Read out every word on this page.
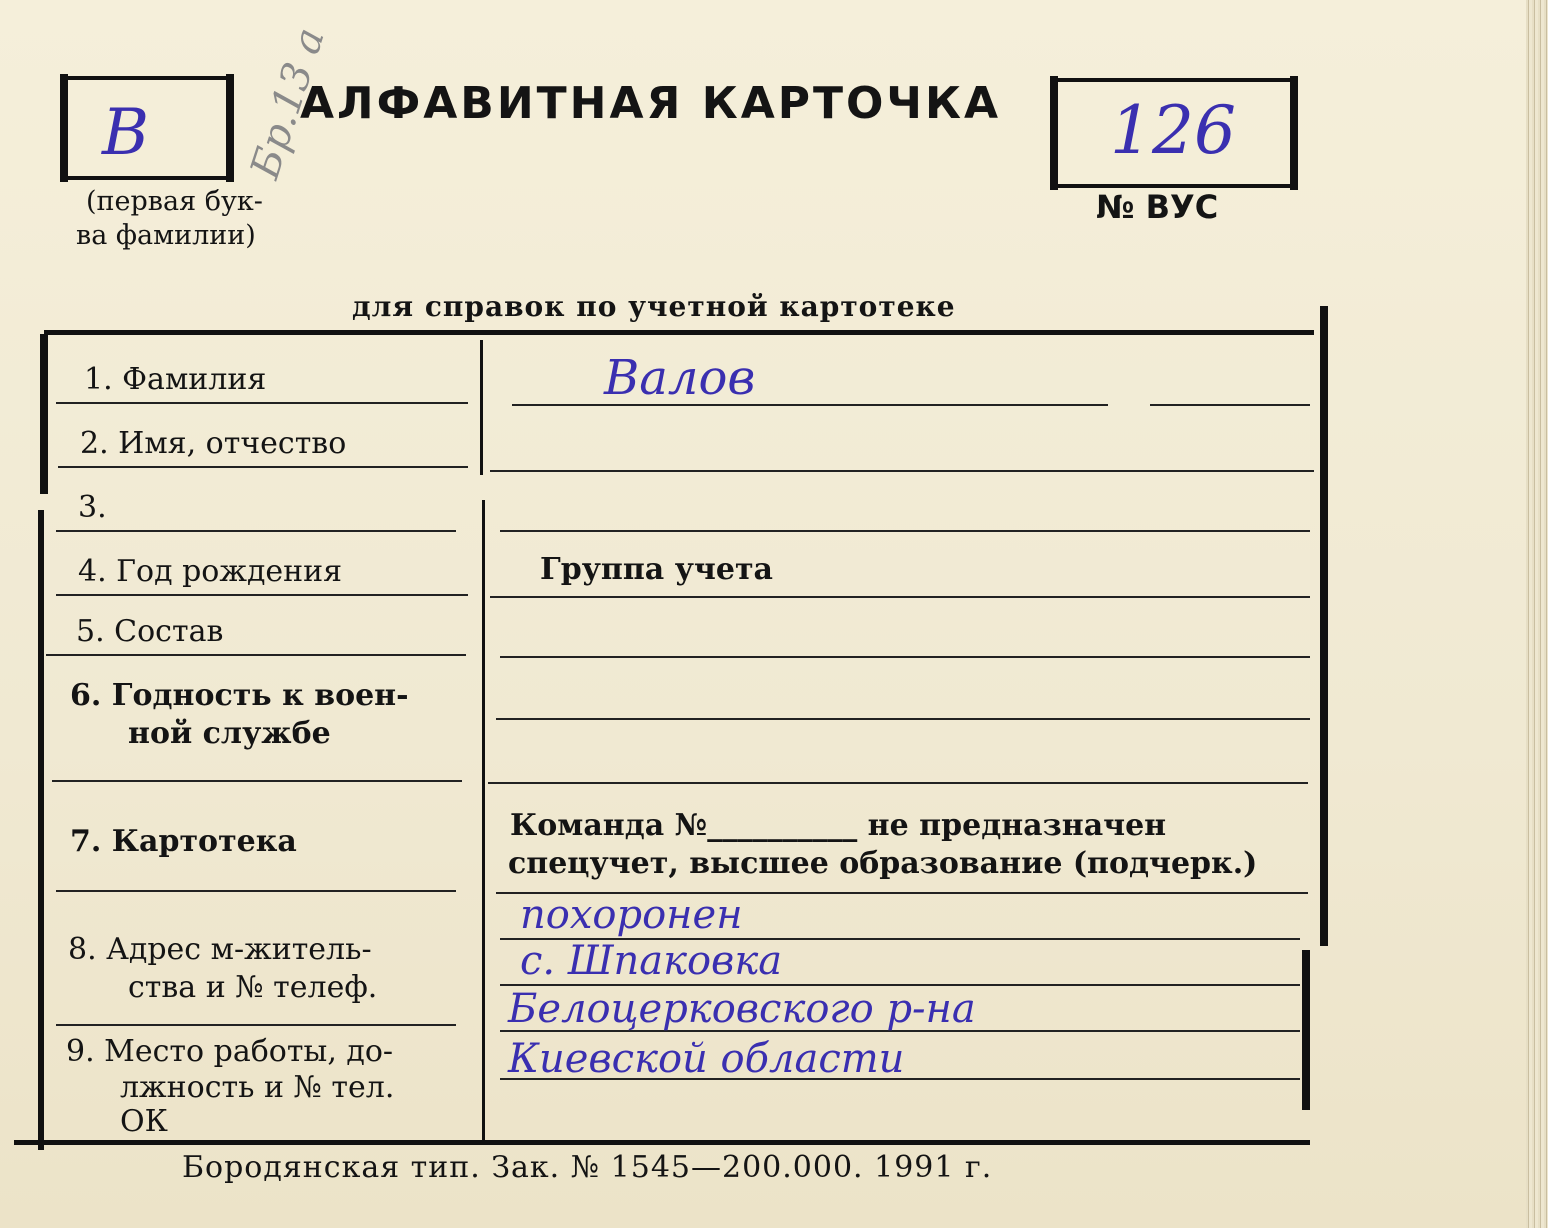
В
(первая бук-
ва фамилии)
Бр.13 а
АЛФАВИТНАЯ КАРТОЧКА 126
№ ВУС
для справок по учетной картотеке
1. Фамилия
2. Имя, отчество
3.
4. Год рождения
5. Состав
6. Годность к воен-
ной службе
7. Картотека
8. Адрес м-житель-
ства и № телеф.
9. Место работы, до-
лжность и № тел.
ОК
Валов
Группа учета
Команда №__________ не предназначен
спецучет, высшее образование (подчерк.)
похоронен
с. Шпаковка
Белоцерковского р-на
Киевской области
Бородянская тип. Зак. № 1545—200.000. 1991 г.
